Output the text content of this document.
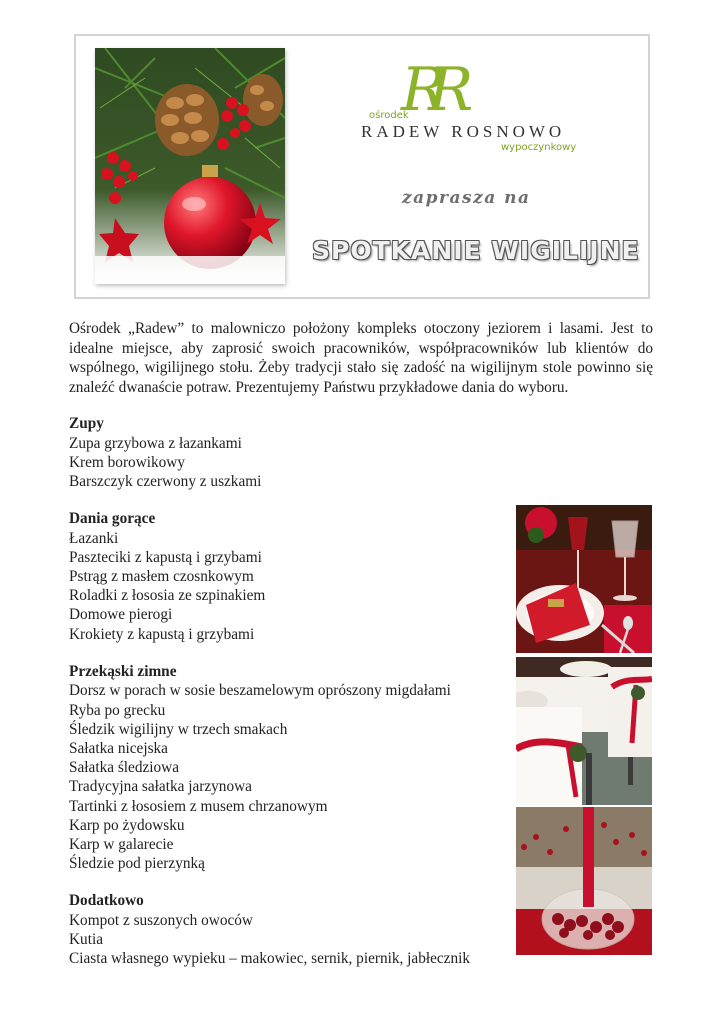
RR
ośrodek
RADEW ROSNOWO
wypoczynkowy
zaprasza na
SPOTKANIE WIGILIJNE

Ośrodek „Radew” to malowniczo położony kompleks otoczony jeziorem i lasami. Jest to idealne miejsce, aby zaprosić swoich pracowników, współpracowników lub klientów do wspólnego, wigilijnego stołu. Żeby tradycji stało się zadość na wigilijnym stole powinno się znaleźć dwanaście potraw. Prezentujemy Państwu przykładowe dania do wyboru.

Zupy
Zupa grzybowa z łazankami
Krem borowikowy
Barszczyk czerwony z uszkami
Dania gorące
Łazanki
Paszteciki z kapustą i grzybami
Pstrąg z masłem czosnkowym
Roladki z łososia ze szpinakiem
Domowe pierogi
Krokiety z kapustą i grzybami
Przekąski zimne
Dorsz w porach w sosie beszamelowym oprószony migdałami
Ryba po grecku
Śledzik wigilijny w trzech smakach
Sałatka nicejska
Sałatka śledziowa
Tradycyjna sałatka jarzynowa
Tartinki z łososiem z musem chrzanowym
Karp po żydowsku
Karp w galarecie
Śledzie pod pierzynką
Dodatkowo
Kompot z suszonych owoców
Kutia
Ciasta własnego wypieku – makowiec, sernik, piernik, jabłecznik
